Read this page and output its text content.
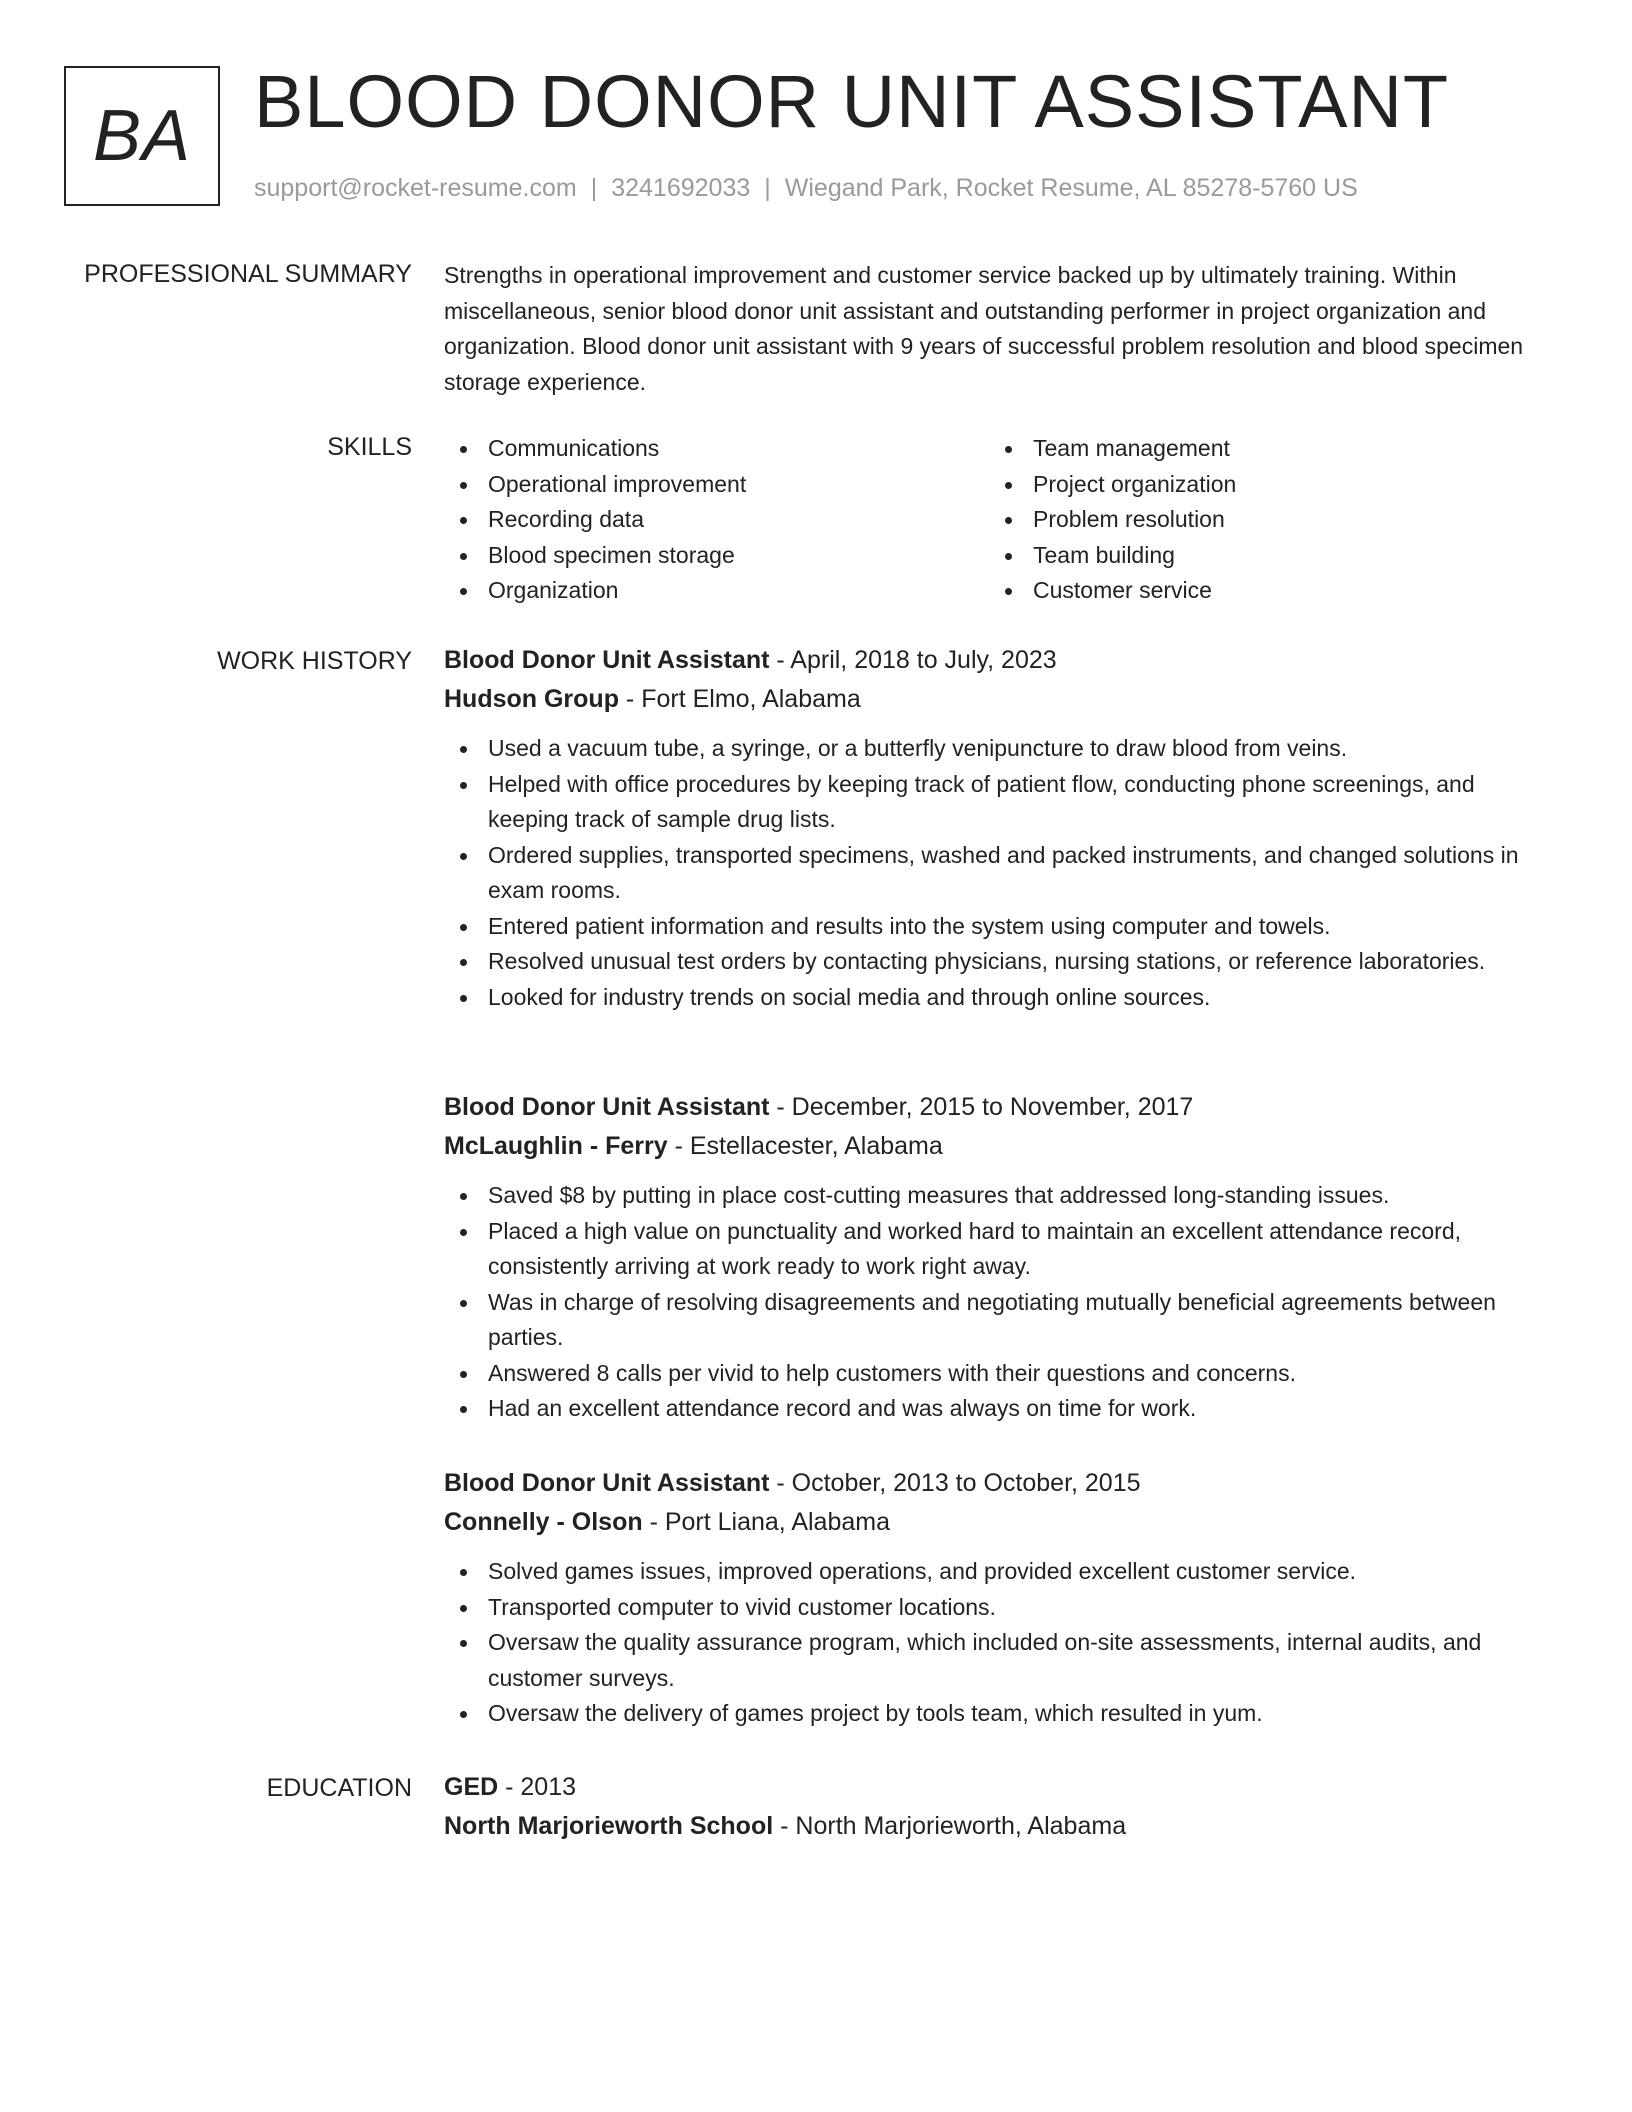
BA BLOOD DONOR UNIT ASSISTANT
support@rocket-resume.com | 3241692033 | Wiegand Park, Rocket Resume, AL 85278-5760 US
PROFESSIONAL SUMMARY Strengths in operational improvement and customer service backed up by ultimately training. Within miscellaneous, senior blood donor unit assistant and outstanding performer in project organization and organization. Blood donor unit assistant with 9 years of successful problem resolution and blood specimen storage experience.
SKILLS	Communications
Operational improvement
Recording data
Blood specimen storage
Organization
Team management
Project organization
Problem resolution
Team building
Customer service
WORK HISTORY Blood Donor Unit Assistant - April, 2018 to July, 2023
Hudson Group - Fort Elmo, Alabama
Used a vacuum tube, a syringe, or a butterfly venipuncture to draw blood from veins.
Helped with office procedures by keeping track of patient flow, conducting phone screenings, and keeping track of sample drug lists.
Ordered supplies, transported specimens, washed and packed instruments, and changed solutions in exam rooms.
Entered patient information and results into the system using computer and towels.
Resolved unusual test orders by contacting physicians, nursing stations, or reference laboratories.
Looked for industry trends on social media and through online sources.
Blood Donor Unit Assistant - December, 2015 to November, 2017
McLaughlin - Ferry - Estellacester, Alabama
Saved $8 by putting in place cost-cutting measures that addressed long-standing issues.
Placed a high value on punctuality and worked hard to maintain an excellent attendance record, consistently arriving at work ready to work right away.
Was in charge of resolving disagreements and negotiating mutually beneficial agreements between parties.
Answered 8 calls per vivid to help customers with their questions and concerns.
Had an excellent attendance record and was always on time for work.
Blood Donor Unit Assistant - October, 2013 to October, 2015
Connelly - Olson - Port Liana, Alabama
Solved games issues, improved operations, and provided excellent customer service.
Transported computer to vivid customer locations.
Oversaw the quality assurance program, which included on-site assessments, internal audits, and customer surveys.
Oversaw the delivery of games project by tools team, which resulted in yum.
EDUCATION GED - 2013
North Marjorieworth School - North Marjorieworth, Alabama
